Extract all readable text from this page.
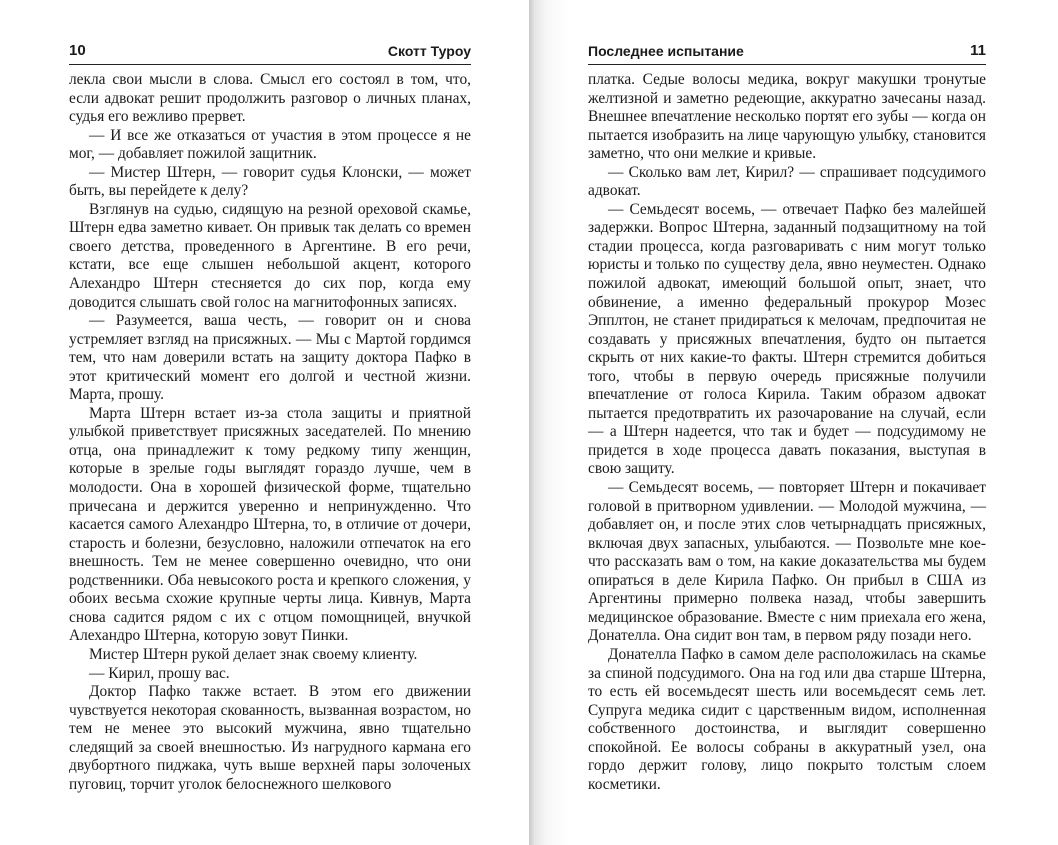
10	Скотт Туроу

лекла свои мысли в слова. Смысл его состоял в том, что, если адвокат решит продолжить разговор о личных планах, судья его вежливо прервет.

— И все же отказаться от участия в этом процессе я не мог, — добавляет пожилой защитник.

— Мистер Штерн, — говорит судья Клонски, — может быть, вы перейдете к делу?

Взглянув на судью, сидящую на резной ореховой скамье, Штерн едва заметно кивает. Он привык так делать со времен своего детства, проведенного в Аргентине. В его речи, кстати, все еще слышен небольшой акцент, которого Алехандро Штерн стесняется до сих пор, когда ему доводится слышать свой голос на магнитофонных записях.

— Разумеется, ваша честь, — говорит он и снова устремляет взгляд на присяжных. — Мы с Мартой гордимся тем, что нам доверили встать на защиту доктора Пафко в этот критический момент его долгой и честной жизни. Марта, прошу.

Марта Штерн встает из-за стола защиты и приятной улыбкой приветствует присяжных заседателей. По мнению отца, она принадлежит к тому редкому типу женщин, которые в зрелые годы выглядят гораздо лучше, чем в молодости. Она в хорошей физической форме, тщательно причесана и держится уверенно и непринужденно. Что касается самого Алехандро Штерна, то, в отличие от дочери, старость и болезни, безусловно, наложили отпечаток на его внешность. Тем не менее совершенно очевидно, что они родственники. Оба невысокого роста и крепкого сложения, у обоих весьма схожие крупные черты лица. Кивнув, Марта снова садится рядом с их с отцом помощницей, внучкой Алехандро Штерна, которую зовут Пинки.

Мистер Штерн рукой делает знак своему клиенту.

— Кирил, прошу вас.

Доктор Пафко также встает. В этом его движении чувствуется некоторая скованность, вызванная возрастом, но тем не менее это высокий мужчина, явно тщательно следящий за своей внешностью. Из нагрудного кармана его двубортного пиджака, чуть выше верхней пары золоченых пуговиц, торчит уголок белоснежного шелкового

Последнее испытание	11

платка. Седые волосы медика, вокруг макушки тронутые желтизной и заметно редеющие, аккуратно зачесаны назад. Внешнее впечатление несколько портят его зубы — когда он пытается изобразить на лице чарующую улыбку, становится заметно, что они мелкие и кривые.

— Сколько вам лет, Кирил? — спрашивает подсудимого адвокат.

— Семьдесят восемь, — отвечает Пафко без малейшей задержки. Вопрос Штерна, заданный подзащитному на той стадии процесса, когда разговаривать с ним могут только юристы и только по существу дела, явно неуместен. Однако пожилой адвокат, имеющий большой опыт, знает, что обвинение, а именно федеральный прокурор Мозес Эпплтон, не станет придираться к мелочам, предпочитая не создавать у присяжных впечатления, будто он пытается скрыть от них какие-то факты. Штерн стремится добиться того, чтобы в первую очередь присяжные получили впечатление от голоса Кирила. Таким образом адвокат пытается предотвратить их разочарование на случай, если — а Штерн надеется, что так и будет — подсудимому не придется в ходе процесса давать показания, выступая в свою защиту.

— Семьдесят восемь, — повторяет Штерн и покачивает головой в притворном удивлении. — Молодой мужчина, — добавляет он, и после этих слов четырнадцать присяжных, включая двух запасных, улыбаются. — Позвольте мне кое-что рассказать вам о том, на какие доказательства мы будем опираться в деле Кирила Пафко. Он прибыл в США из Аргентины примерно полвека назад, чтобы завершить медицинское образование. Вместе с ним приехала его жена, Донателла. Она сидит вон там, в первом ряду позади него.

Донателла Пафко в самом деле расположилась на скамье за спиной подсудимого. Она на год или два старше Штерна, то есть ей восемьдесят шесть или восемьдесят семь лет. Супруга медика сидит с царственным видом, исполненная собственного достоинства, и выглядит совершенно спокойной. Ее волосы собраны в аккуратный узел, она гордо держит голову, лицо покрыто толстым слоем косметики.
